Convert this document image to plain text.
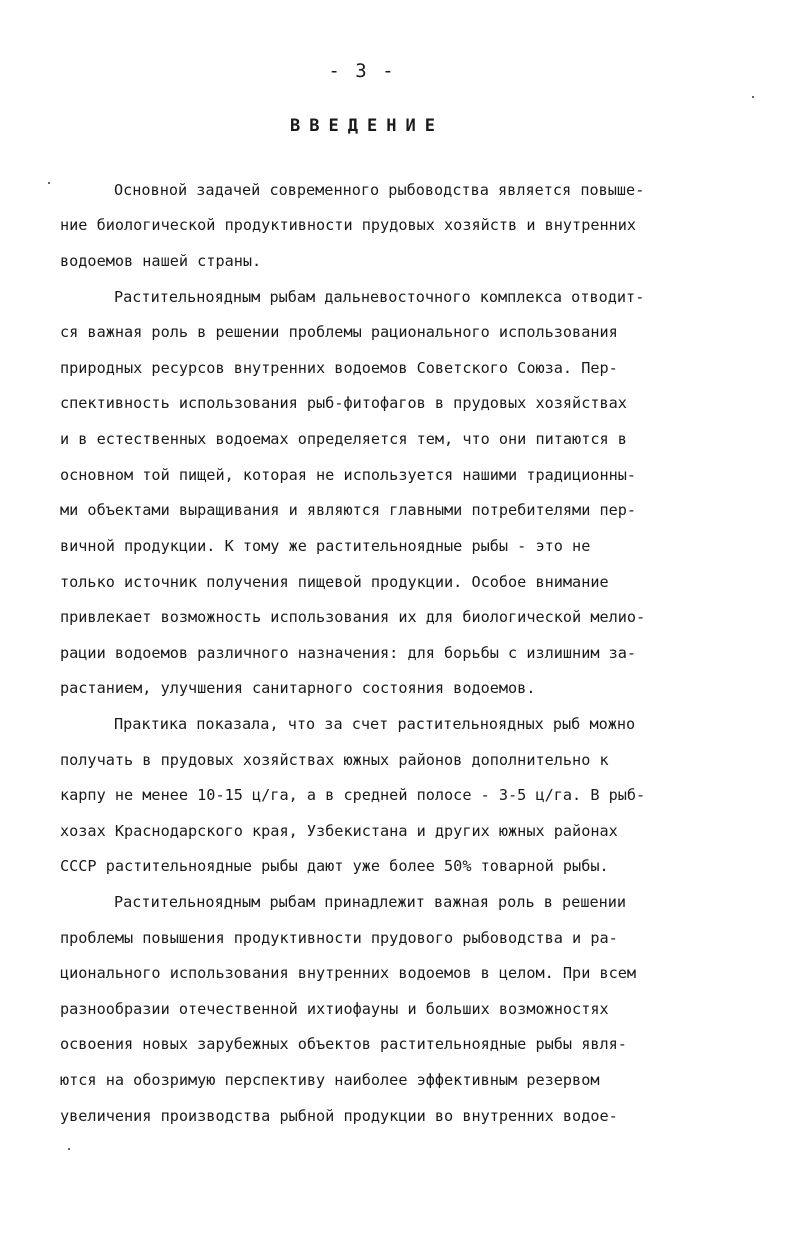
- 3 -
ВВЕДЕНИЕ
Основной задачей современного рыбоводства является повыше-
ние биологической продуктивности прудовых хозяйств и внутренних
водоемов нашей страны.
Растительноядным рыбам дальневосточного комплекса отводит-
ся важная роль в решении проблемы рационального использования
природных ресурсов внутренних водоемов Советского Союза. Пер-
спективность использования рыб-фитофагов в прудовых хозяйствах
и в естественных водоемах определяется тем, что они питаются в
основном той пищей, которая не используется нашими традиционны-
ми объектами выращивания и являются главными потребителями пер-
вичной продукции. К тому же растительноядные рыбы - это не
только источник получения пищевой продукции. Особое внимание
привлекает возможность использования их для биологической мелио-
рации водоемов различного назначения: для борьбы с излишним за-
растанием, улучшения санитарного состояния водоемов.
Практика показала, что за счет растительноядных рыб можно
получать в прудовых хозяйствах южных районов дополнительно к
карпу не менее 10-15 ц/га, а в средней полосе - 3-5 ц/га. В рыб-
хозах Краснодарского края, Узбекистана и других южных районах
СССР растительноядные рыбы дают уже более 50% товарной рыбы.
Растительноядным рыбам принадлежит важная роль в решении
проблемы повышения продуктивности прудового рыбоводства и ра-
ционального использования внутренних водоемов в целом. При всем
разнообразии отечественной ихтиофауны и больших возможностях
освоения новых зарубежных объектов растительноядные рыбы явля-
ются на обозримую перспективу наиболее эффективным резервом
увеличения производства рыбной продукции во внутренних водое-
